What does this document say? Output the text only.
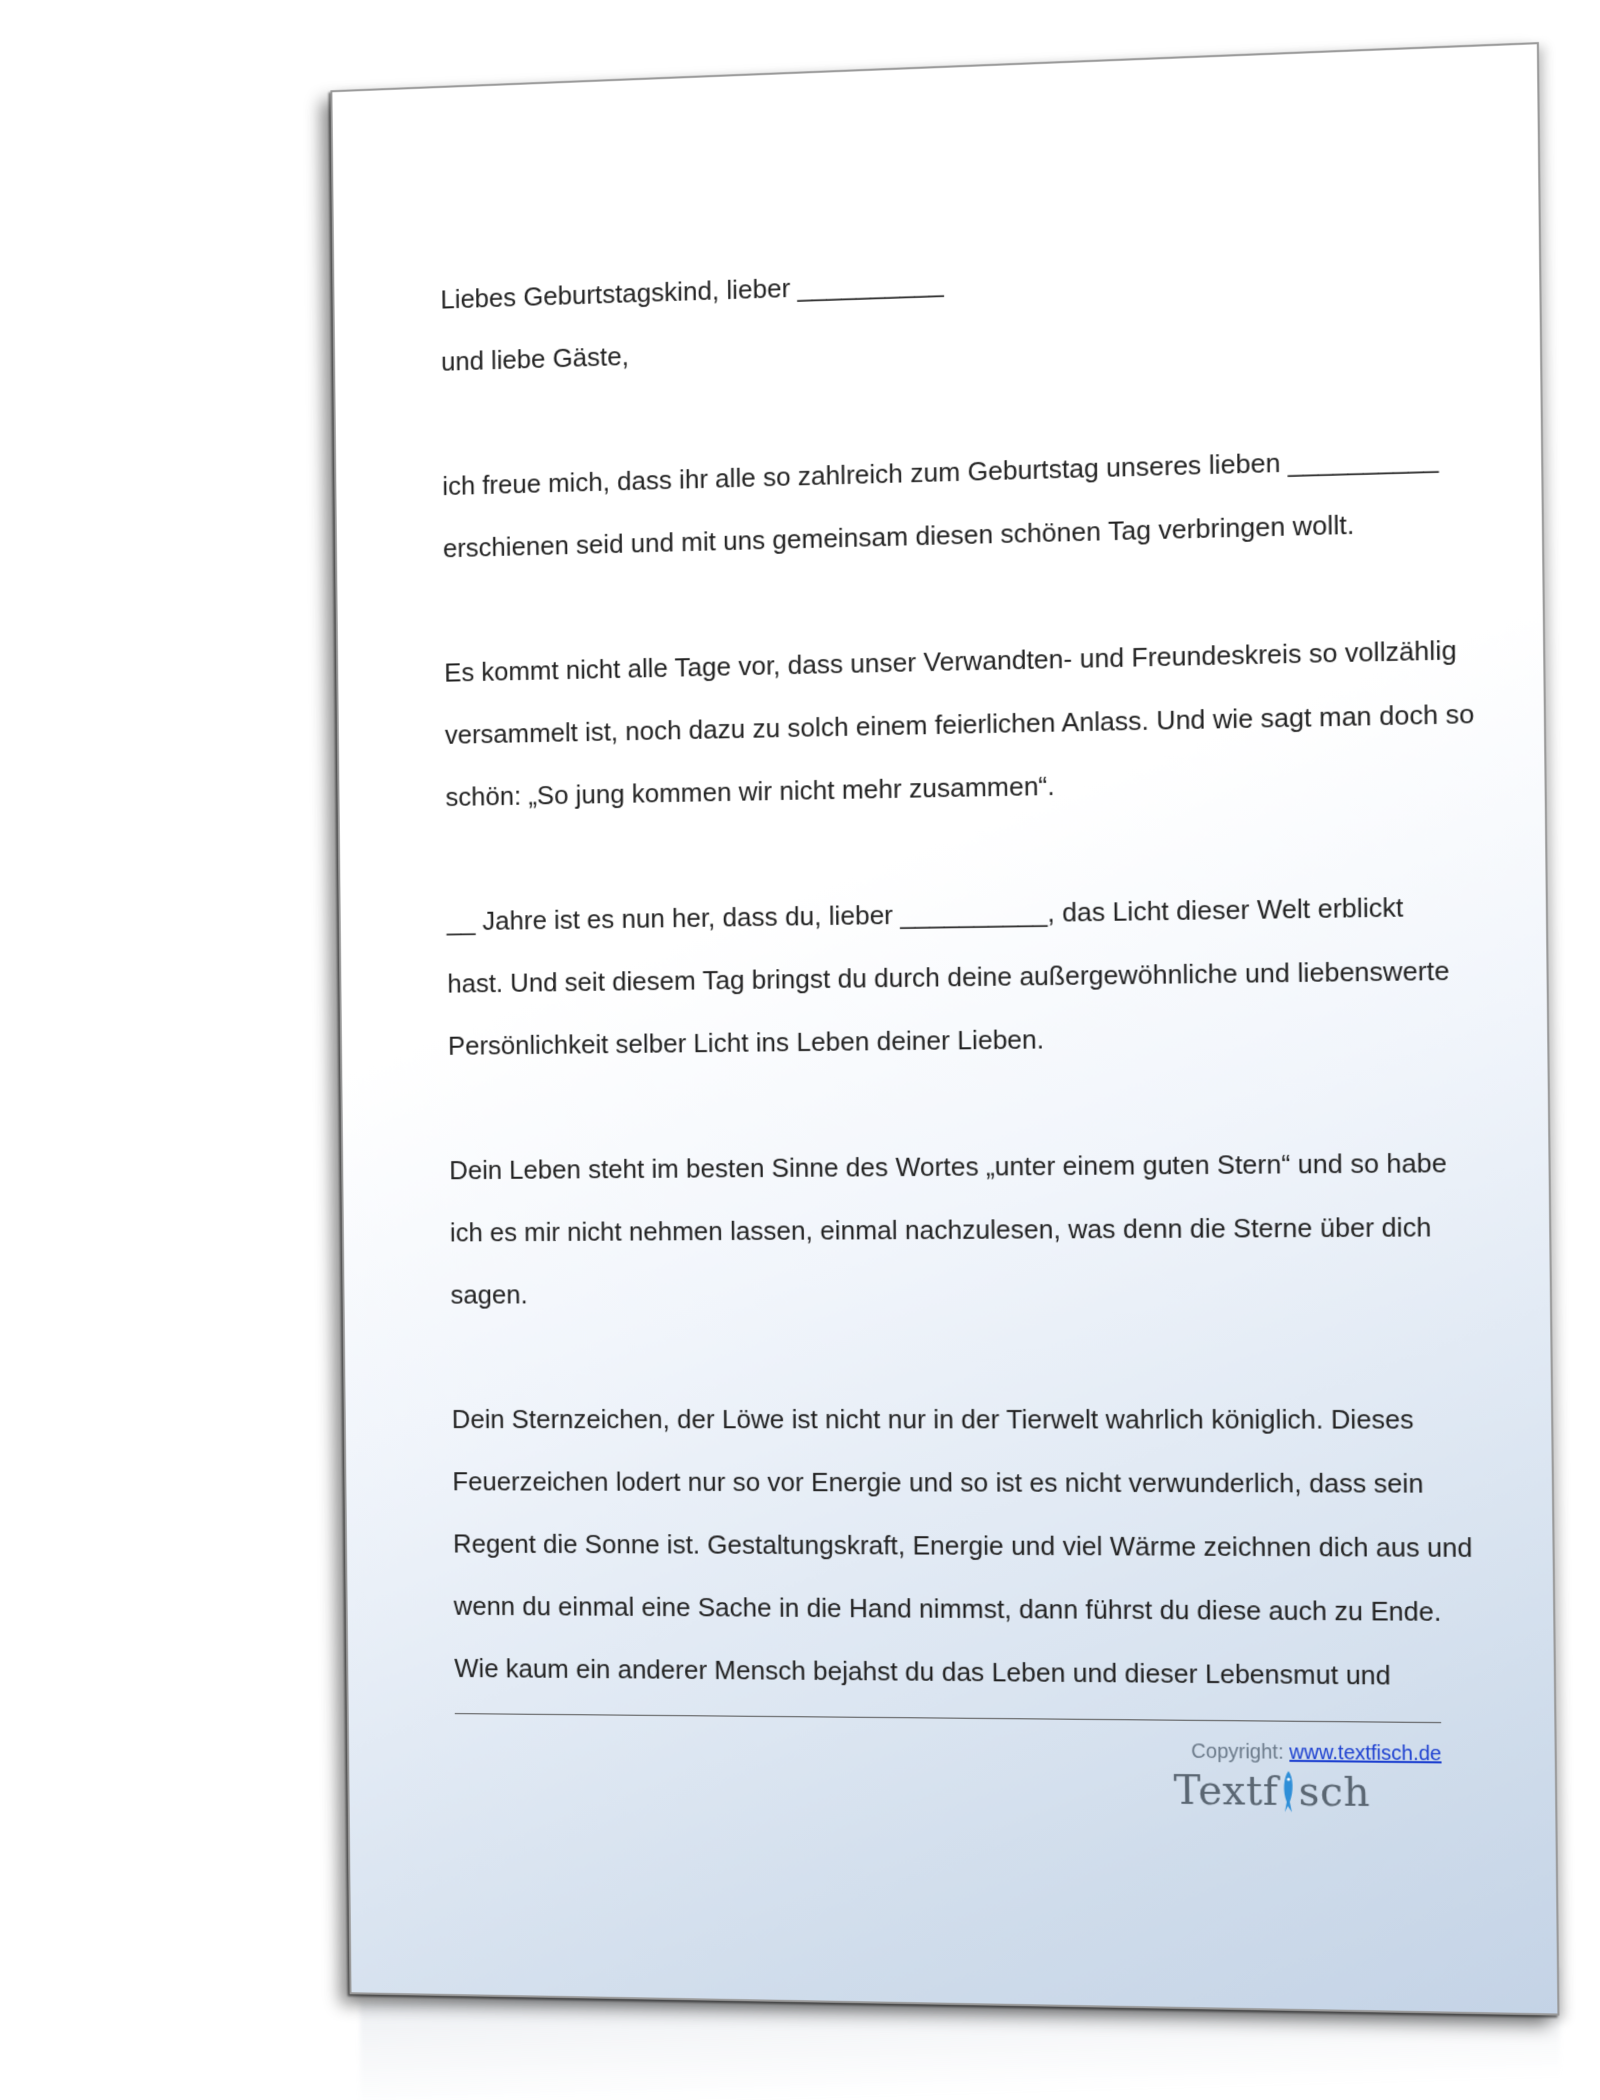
Liebes Geburtstagskind, lieber __________

und liebe Gäste,

ich freue mich, dass ihr alle so zahlreich zum Geburtstag unseres lieben __________

erschienen seid und mit uns gemeinsam diesen schönen Tag verbringen wollt.

Es kommt nicht alle Tage vor, dass unser Verwandten- und Freundeskreis so vollzählig

versammelt ist, noch dazu zu solch einem feierlichen Anlass. Und wie sagt man doch so

schön: „So jung kommen wir nicht mehr zusammen“.

__ Jahre ist es nun her, dass du, lieber __________, das Licht dieser Welt erblickt

hast. Und seit diesem Tag bringst du durch deine außergewöhnliche und liebenswerte

Persönlichkeit selber Licht ins Leben deiner Lieben.

Dein Leben steht im besten Sinne des Wortes „unter einem guten Stern“ und so habe

ich es mir nicht nehmen lassen, einmal nachzulesen, was denn die Sterne über dich

sagen.

Dein Sternzeichen, der Löwe ist nicht nur in der Tierwelt wahrlich königlich. Dieses

Feuerzeichen lodert nur so vor Energie und so ist es nicht verwunderlich, dass sein

Regent die Sonne ist. Gestaltungskraft, Energie und viel Wärme zeichnen dich aus und

wenn du einmal eine Sache in die Hand nimmst, dann führst du diese auch zu Ende.

Wie kaum ein anderer Mensch bejahst du das Leben und dieser Lebensmut und

Copyright: www.textfisch.de
Textf sch
